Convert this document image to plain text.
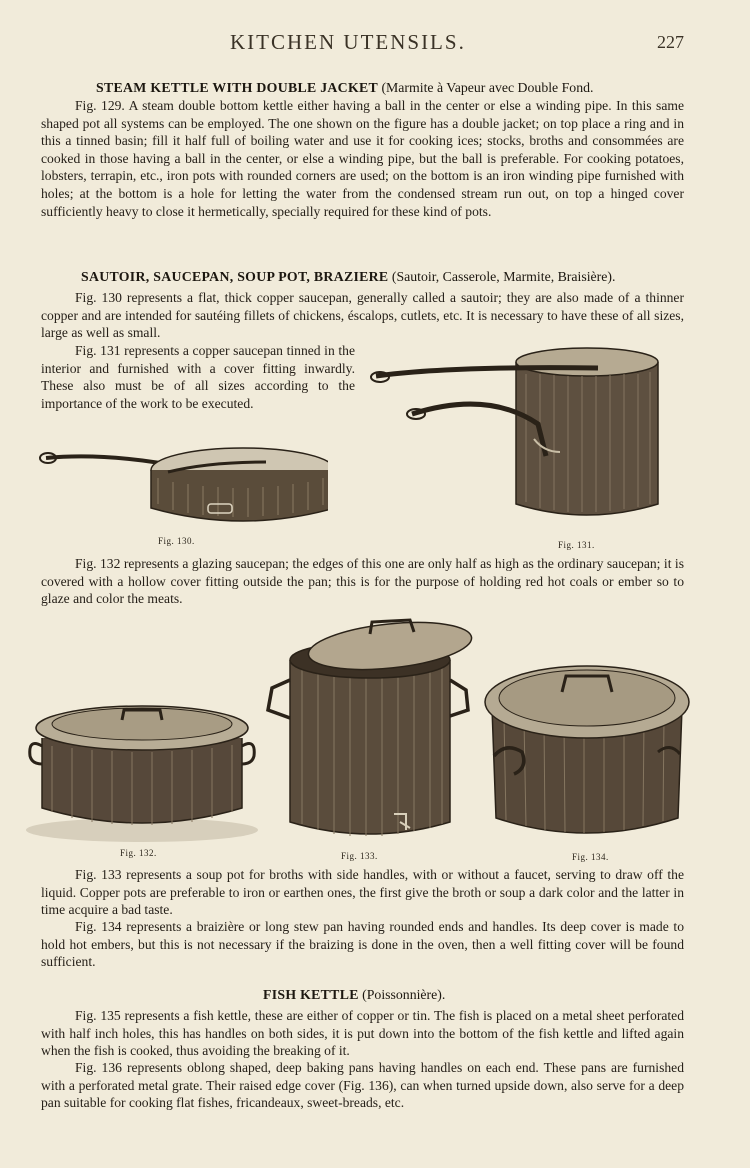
KITCHEN UTENSILS.	227
STEAM KETTLE WITH DOUBLE JACKET (Marmite à Vapeur avec Double Fond.

Fig. 129. A steam double bottom kettle either having a ball in the center or else a winding pipe. In this same shaped pot all systems can be employed. The one shown on the figure has a double jacket; on top place a ring and in this a tinned basin; fill it half full of boiling water and use it for cooking ices; stocks, broths and consommées are cooked in those having a ball in the center, or else a winding pipe, but the ball is preferable. For cooking potatoes, lobsters, terrapin, etc., iron pots with rounded corners are used; on the bottom is an iron winding pipe furnished with holes; at the bottom is a hole for letting the water from the condensed stream run out, on top a hinged cover sufficiently heavy to close it hermetically, specially required for these kind of pots.

SAUTOIR, SAUCEPAN, SOUP POT, BRAZIERE (Sautoir, Casserole, Marmite, Braisière).

Fig. 130 represents a flat, thick copper saucepan, generally called a sautoir; they are also made of a thinner copper and are intended for sautéing fillets of chickens, éscalops, cutlets, etc. It is necessary to have these of all sizes, large as well as small.

Fig. 131 represents a copper saucepan tinned in the interior and furnished with a cover fitting inwardly. These also must be of all sizes according to the importance of the work to be executed.

Fig. 130.	Fig. 131.

Fig. 132 represents a glazing saucepan; the edges of this one are only half as high as the ordinary saucepan; it is covered with a hollow cover fitting outside the pan; this is for the purpose of holding red hot coals or ember so to glaze and color the meats.

Fig. 132.	Fig. 133.	Fig. 134.

Fig. 133 represents a soup pot for broths with side handles, with or without a faucet, serving to draw off the liquid. Copper pots are preferable to iron or earthen ones, the first give the broth or soup a dark color and the latter in time acquire a bad taste.

Fig. 134 represents a braizière or long stew pan having rounded ends and handles. Its deep cover is made to hold hot embers, but this is not necessary if the braizing is done in the oven, then a well fitting cover will be found sufficient.

FISH KETTLE (Poissonnière).

Fig. 135 represents a fish kettle, these are either of copper or tin. The fish is placed on a metal sheet perforated with half inch holes, this has handles on both sides, it is put down into the bottom of the fish kettle and lifted again when the fish is cooked, thus avoiding the breaking of it.

Fig. 136 represents oblong shaped, deep baking pans having handles on each end. These pans are furnished with a perforated metal grate. Their raised edge cover (Fig. 136), can when turned upside down, also serve for a deep pan suitable for cooking flat fishes, fricandeaux, sweet-breads, etc.
